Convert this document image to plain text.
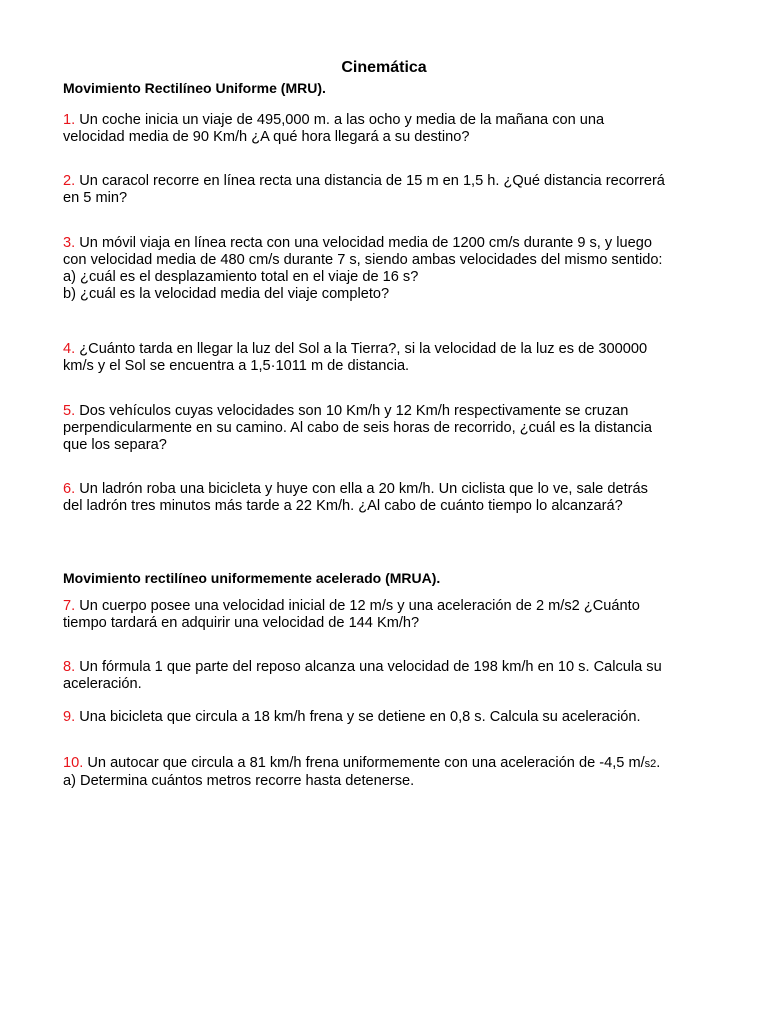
Cinemática
Movimiento Rectilíneo Uniforme (MRU).
1. Un coche inicia un viaje de 495,000 m. a las ocho y media de la mañana con una
velocidad media de 90 Km/h ¿A qué hora llegará a su destino?
2. Un caracol recorre en línea recta una distancia de 15 m en 1,5 h. ¿Qué distancia recorrerá
en 5 min?
3. Un móvil viaja en línea recta con una velocidad media de 1200 cm/s durante 9 s, y luego
con velocidad media de 480 cm/s durante 7 s, siendo ambas velocidades del mismo sentido:
a) ¿cuál es el desplazamiento total en el viaje de 16 s?
b) ¿cuál es la velocidad media del viaje completo?
4. ¿Cuánto tarda en llegar la luz del Sol a la Tierra?, si la velocidad de la luz es de 300000
km/s y el Sol se encuentra a 1,5·1011 m de distancia.
5. Dos vehículos cuyas velocidades son 10 Km/h y 12 Km/h respectivamente se cruzan
perpendicularmente en su camino. Al cabo de seis horas de recorrido, ¿cuál es la distancia
que los separa?
6. Un ladrón roba una bicicleta y huye con ella a 20 km/h. Un ciclista que lo ve, sale detrás
del ladrón tres minutos más tarde a 22 Km/h. ¿Al cabo de cuánto tiempo lo alcanzará?
Movimiento rectilíneo uniformemente acelerado (MRUA).
7. Un cuerpo posee una velocidad inicial de 12 m/s y una aceleración de 2 m/s2 ¿Cuánto
tiempo tardará en adquirir una velocidad de 144 Km/h?
8. Un fórmula 1 que parte del reposo alcanza una velocidad de 198 km/h en 10 s. Calcula su
aceleración.
9. Una bicicleta que circula a 18 km/h frena y se detiene en 0,8 s. Calcula su aceleración.
10. Un autocar que circula a 81 km/h frena uniformemente con una aceleración de -4,5 m/s2.
a) Determina cuántos metros recorre hasta detenerse.
